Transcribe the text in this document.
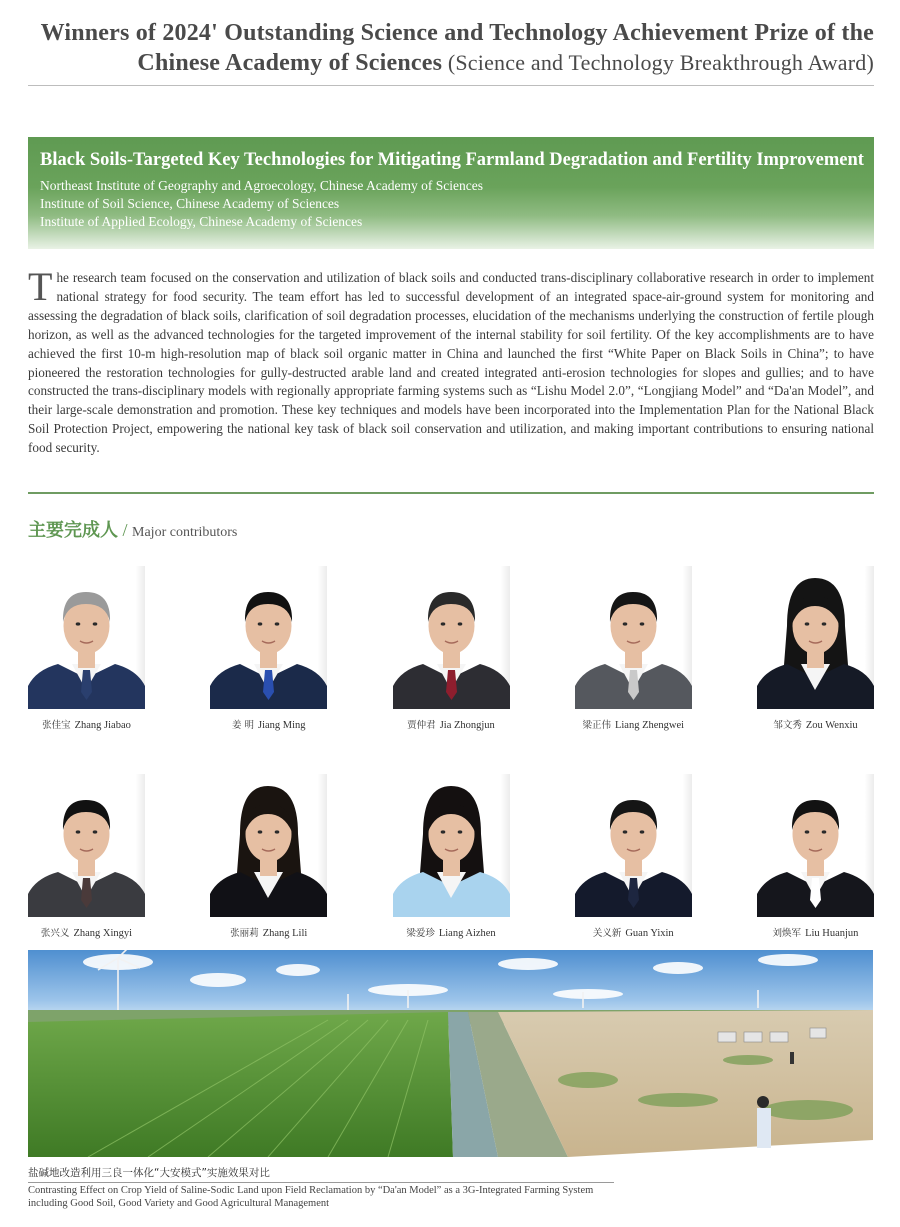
Winners of 2024' Outstanding Science and Technology Achievement Prize of the
Chinese Academy of Sciences (Science and Technology Breakthrough Award)
Black Soils-Targeted Key Technologies for Mitigating Farmland Degradation and Fertility Improvement
Northeast Institute of Geography and Agroecology, Chinese Academy of Sciences
Institute of Soil Science, Chinese Academy of Sciences
Institute of Applied Ecology, Chinese Academy of Sciences
The research team focused on the conservation and utilization of black soils and conducted trans-disciplinary collaborative research in order to implement national strategy for food security. The team effort has led to successful development of an integrated space-air-ground system for monitoring and assessing the degradation of black soils, clarification of soil degradation processes, elucidation of the mechanisms underlying the construction of fertile plough horizon, as well as the advanced technologies for the targeted improvement of the internal stability for soil fertility. Of the key accomplishments are to have achieved the first 10-m high-resolution map of black soil organic matter in China and launched the first “White Paper on Black Soils in China”; to have pioneered the restoration technologies for gully-destructed arable land and created integrated anti-erosion technologies for slopes and gullies; and to have constructed the trans-disciplinary models with regionally appropriate farming systems such as “Lishu Model 2.0”, “Longjiang Model” and “Da'an Model”, and their large-scale demonstration and promotion. These key techniques and models have been incorporated into the Implementation Plan for the National Black Soil Protection Project, empowering the national key task of black soil conservation and utilization, and making important contributions to ensuring national food security.
主要完成人 / Major contributors
张佳宝 Zhang Jiabao	姜 明 Jiang Ming	贾仲君 Jia Zhongjun	梁正伟 Liang Zhengwei	邹文秀 Zou Wenxiu
张兴义 Zhang Xingyi	张丽莉 Zhang Lili	梁爱珍 Liang Aizhen	关义新 Guan Yixin	刘焕军 Liu Huanjun
盐碱地改造利用三良一体化“大安模式”实施效果对比
Contrasting Effect on Crop Yield of Saline-Sodic Land upon Field Reclamation by “Da'an Model” as a 3G-Integrated Farming System including Good Soil, Good Variety and Good Agricultural Management
